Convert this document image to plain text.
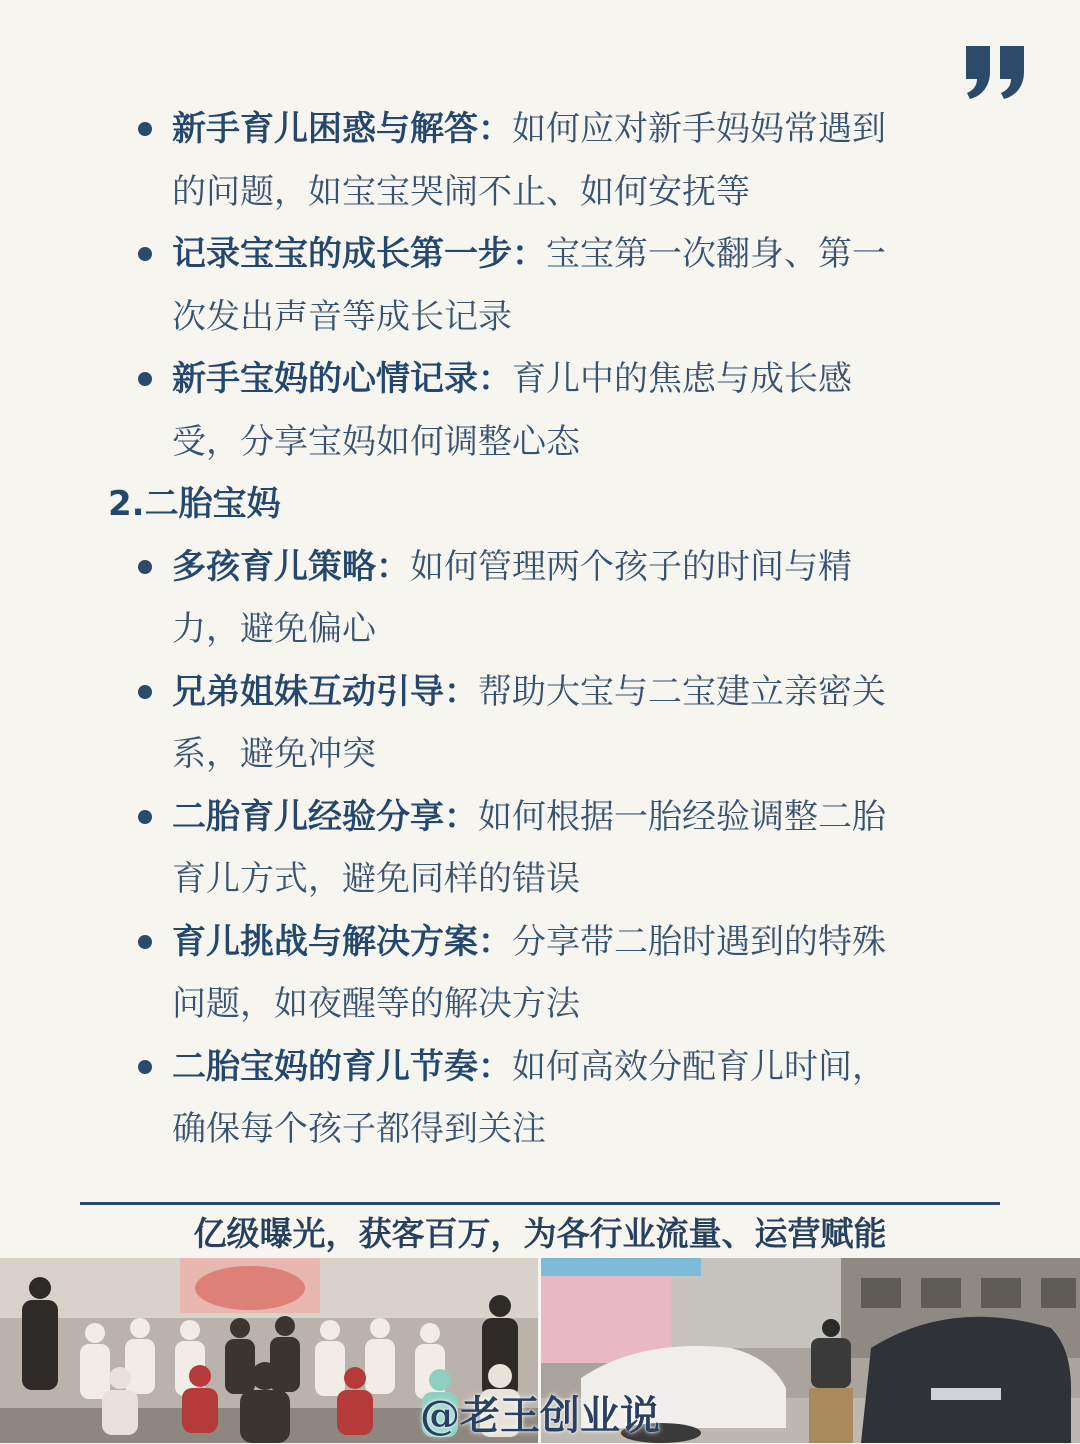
新手育儿困惑与解答：如何应对新手妈妈常遇到
的问题，如宝宝哭闹不止、如何安抚等
记录宝宝的成长第一步：宝宝第一次翻身、第一
次发出声音等成长记录
新手宝妈的心情记录：育儿中的焦虑与成长感
受，分享宝妈如何调整心态
2.二胎宝妈
多孩育儿策略：如何管理两个孩子的时间与精
力，避免偏心
兄弟姐妹互动引导：帮助大宝与二宝建立亲密关
系，避免冲突
二胎育儿经验分享：如何根据一胎经验调整二胎
育儿方式，避免同样的错误
育儿挑战与解决方案：分享带二胎时遇到的特殊
问题，如夜醒等的解决方法
二胎宝妈的育儿节奏：如何高效分配育儿时间，
确保每个孩子都得到关注
亿级曝光，获客百万，为各行业流量、运营赋能
@老王创业说
